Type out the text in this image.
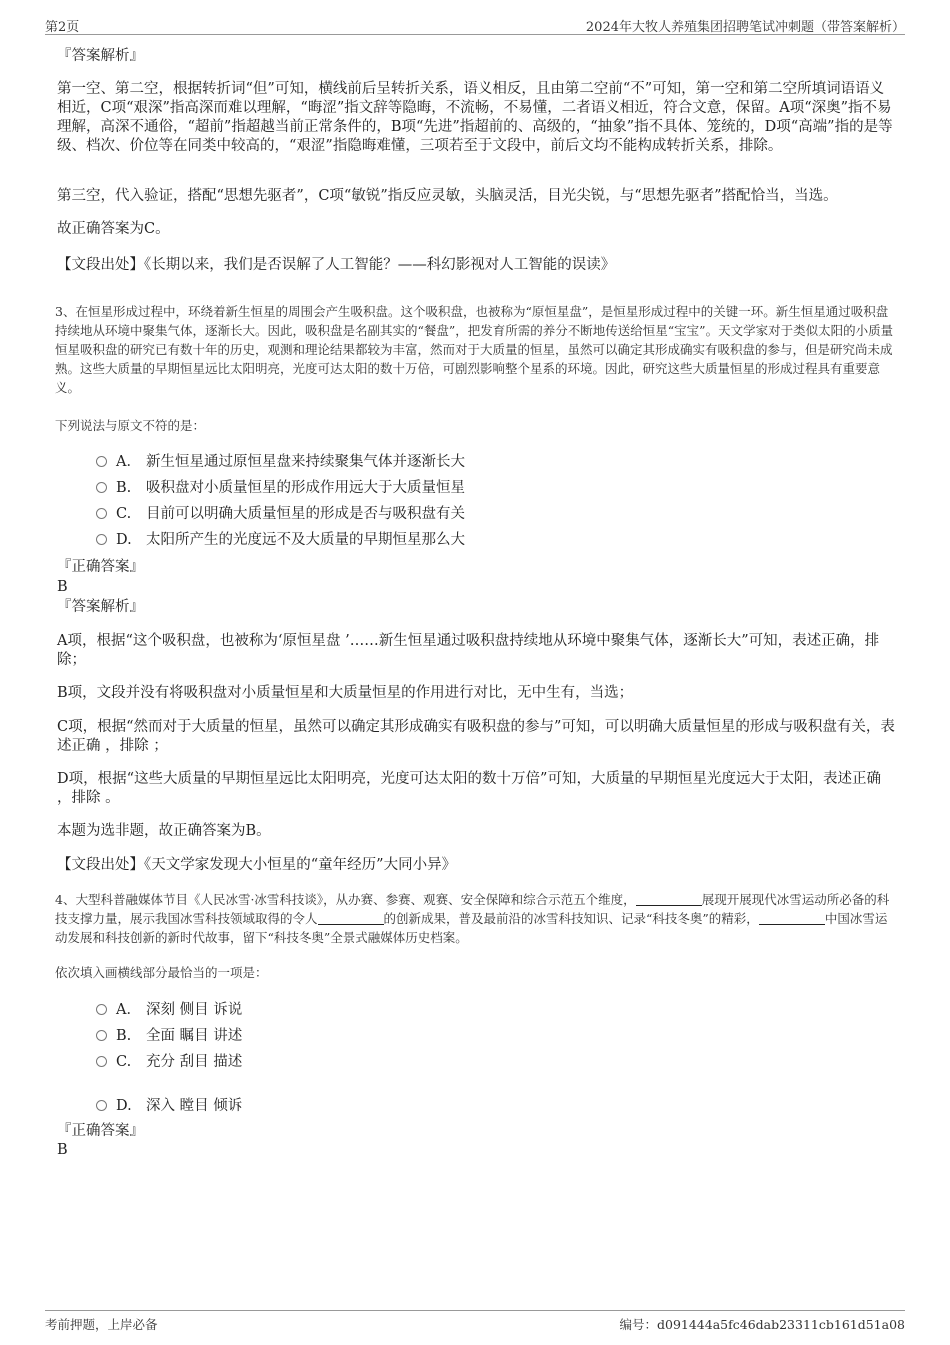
第2页	2024年大牧人养殖集团招聘笔试冲刺题（带答案解析）
『答案解析』
第一空、第二空，根据转折词“但”可知，横线前后呈转折关系，语义相反，且由第二空前“不”可知，第一空和第二空所填词语语义相近，C项“艰深”指高深而难以理解，“晦涩”指文辞等隐晦，不流畅，不易懂，二者语义相近，符合文意，保留。A项“深奥”指不易理解，高深不通俗，“超前”指超越当前正常条件的，B项“先进”指超前的、高级的，“抽象”指不具体、笼统的，D项“高端”指的是等级、档次、价位等在同类中较高的，“艰涩”指隐晦难懂，三项若至于文段中，前后文均不能构成转折关系，排除。
第三空，代入验证，搭配“思想先驱者”，C项“敏锐”指反应灵敏，头脑灵活，目光尖锐，与“思想先驱者”搭配恰当，当选。
故正确答案为C。
【文段出处】《长期以来，我们是否误解了人工智能？——科幻影视对人工智能的误读》
3、在恒星形成过程中，环绕着新生恒星的周围会产生吸积盘。这个吸积盘，也被称为“原恒星盘”，是恒星形成过程中的关键一环。新生恒星通过吸积盘持续地从环境中聚集气体，逐渐长大。因此，吸积盘是名副其实的“餐盘”，把发育所需的养分不断地传送给恒星“宝宝”。天文学家对于类似太阳的小质量恒星吸积盘的研究已有数十年的历史，观测和理论结果都较为丰富，然而对于大质量的恒星，虽然可以确定其形成确实有吸积盘的参与，但是研究尚未成熟。这些大质量的早期恒星远比太阳明亮，光度可达太阳的数十万倍，可剧烈影响整个星系的环境。因此，研究这些大质量恒星的形成过程具有重要意义。
下列说法与原文不符的是：
A． 新生恒星通过原恒星盘来持续聚集气体并逐渐长大
B. 吸积盘对小质量恒星的形成作用远大于大质量恒星
C. 目前可以明确大质量恒星的形成是否与吸积盘有关
D. 太阳所产生的光度远不及大质量的早期恒星那么大
『正确答案』
B
『答案解析』
A项，根据“这个吸积盘，也被称为‘原恒星盘 ’……新生恒星通过吸积盘持续地从环境中聚集气体，逐渐长大”可知，表述正确，排除；
B项，文段并没有将吸积盘对小质量恒星和大质量恒星的作用进行对比，无中生有，当选；
C项，根据“然而对于大质量的恒星，虽然可以确定其形成确实有吸积盘的参与”可知，可以明确大质量恒星的形成与吸积盘有关，表述正确 ，排除 ；
D项，根据“这些大质量的早期恒星远比太阳明亮，光度可达太阳的数十万倍”可知，大质量的早期恒星光度远大于太阳，表述正确 ，排除 。
本题为选非题，故正确答案为B。
【文段出处】《天文学家发现大小恒星的“童年经历”大同小异》
4、大型科普融媒体节目《人民冰雪·冰雪科技谈》，从办赛、参赛、观赛、安全保障和综合示范五个维度，	展现开展现代冰雪运动所必备的科技支撑力量，展示我国冰雪科技领域取得的令人	的创新成果，普及最前沿的冰雪科技知识、记录“科技冬奥”的精彩，	中国冰雪运动发展和科技创新的新时代故事，留下“科技冬奥”全景式融媒体历史档案。
依次填入画横线部分最恰当的一项是：
A． 深刻 侧目 诉说
B. 全面 瞩目 讲述
C. 充分 刮目 描述
D. 深入 瞠目 倾诉
『正确答案』
B
考前押题，上岸必备	编号：d091444a5fc46dab23311cb161d51a08
